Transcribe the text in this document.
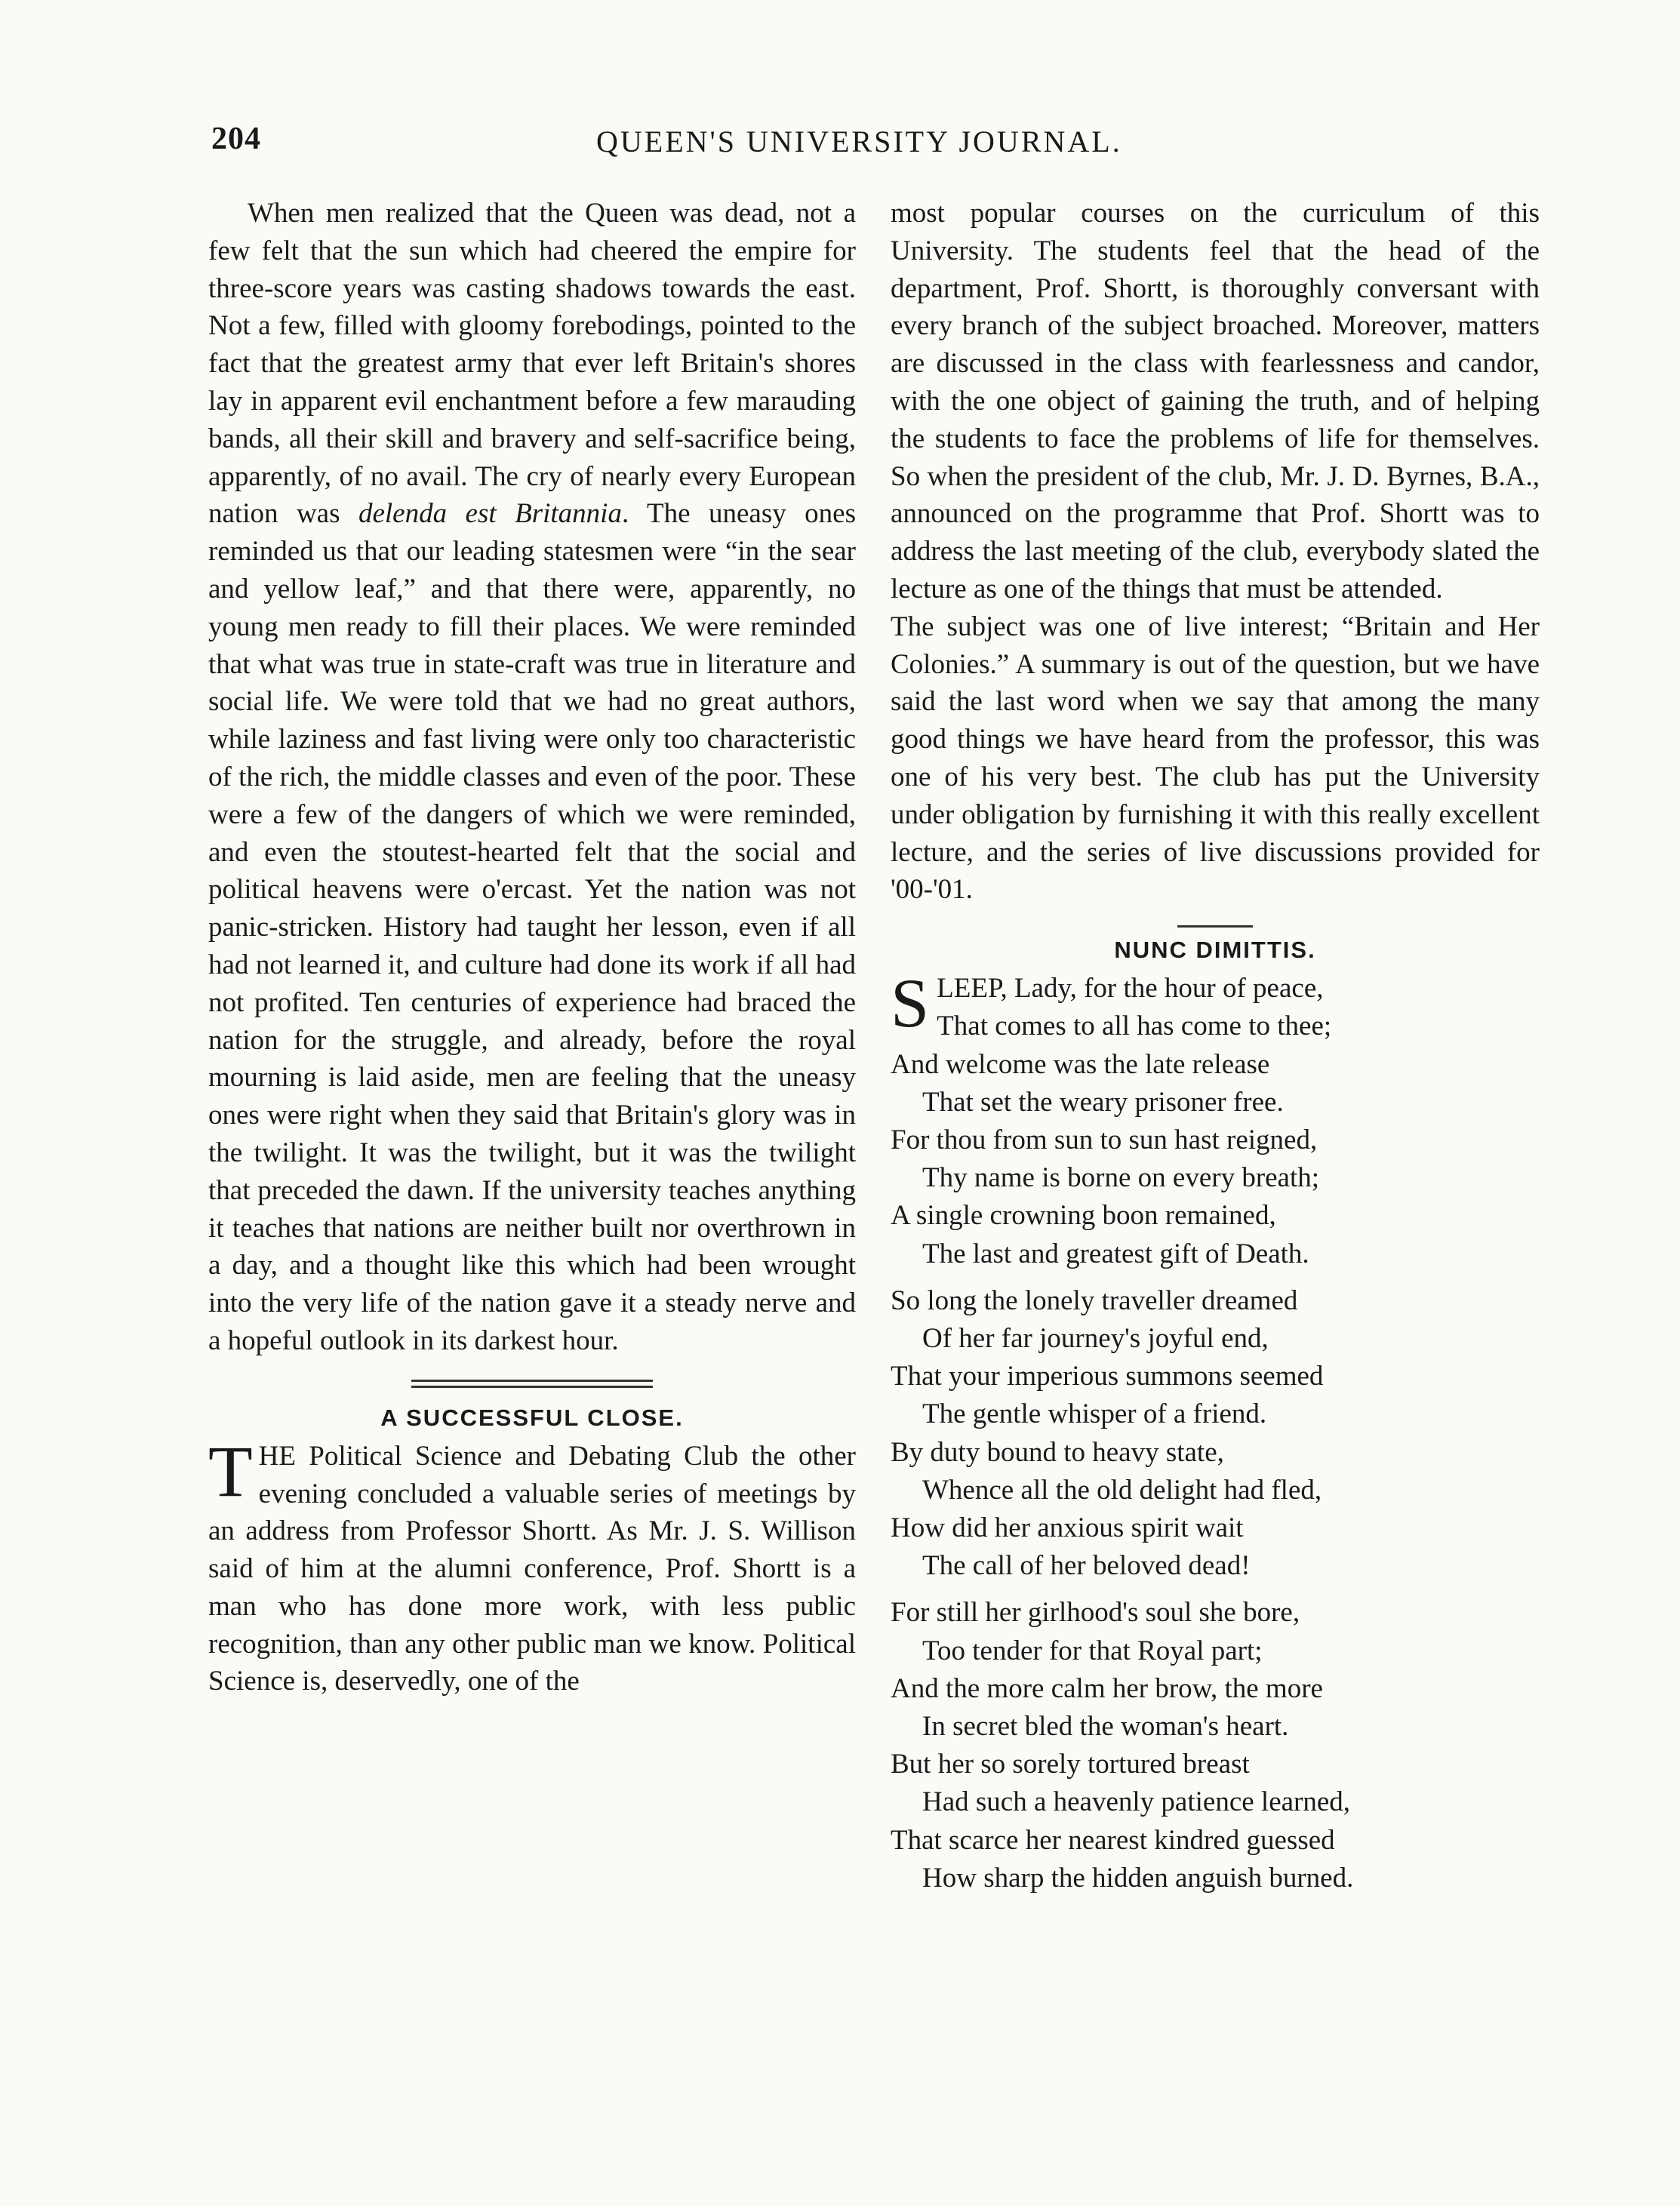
204	QUEEN'S UNIVERSITY JOURNAL.

When men realized that the Queen was dead, not a few felt that the sun which had cheered the empire for three-score years was casting shadows towards the east. Not a few, filled with gloomy forebodings, pointed to the fact that the greatest army that ever left Britain's shores lay in apparent evil enchantment before a few marauding bands, all their skill and bravery and self-sacrifice being, apparently, of no avail. The cry of nearly every European nation was delenda est Britannia. The uneasy ones reminded us that our leading statesmen were “in the sear and yellow leaf,” and that there were, apparently, no young men ready to fill their places. We were reminded that what was true in state-craft was true in literature and social life. We were told that we had no great authors, while laziness and fast living were only too characteristic of the rich, the middle classes and even of the poor. These were a few of the dangers of which we were reminded, and even the stoutest-hearted felt that the social and political heavens were o'ercast. Yet the nation was not panic-stricken. History had taught her lesson, even if all had not learned it, and culture had done its work if all had not profited. Ten centuries of experience had braced the nation for the struggle, and already, before the royal mourning is laid aside, men are feeling that the uneasy ones were right when they said that Britain's glory was in the twilight. It was the twilight, but it was the twilight that preceded the dawn. If the university teaches anything it teaches that nations are neither built nor overthrown in a day, and a thought like this which had been wrought into the very life of the nation gave it a steady nerve and a hopeful outlook in its darkest hour.

A SUCCESSFUL CLOSE.

THE Political Science and Debating Club the other evening concluded a valuable series of meetings by an address from Professor Shortt. As Mr. J. S. Willison said of him at the alumni conference, Prof. Shortt is a man who has done more work, with less public recognition, than any other public man we know. Political Science is, deservedly, one of the

most popular courses on the curriculum of this University. The students feel that the head of the department, Prof. Shortt, is thoroughly conversant with every branch of the subject broached. Moreover, matters are discussed in the class with fearlessness and candor, with the one object of gaining the truth, and of helping the students to face the problems of life for themselves. So when the president of the club, Mr. J. D. Byrnes, B.A., announced on the programme that Prof. Shortt was to address the last meeting of the club, everybody slated the lecture as one of the things that must be attended.

The subject was one of live interest; “Britain and Her Colonies.” A summary is out of the question, but we have said the last word when we say that among the many good things we have heard from the professor, this was one of his very best. The club has put the University under obligation by furnishing it with this really excellent lecture, and the series of live discussions provided for '00-'01.

NUNC DIMITTIS.
S LEEP, Lady, for the hour of peace,
That comes to all has come to thee;
And welcome was the late release
That set the weary prisoner free.
For thou from sun to sun hast reigned,
Thy name is borne on every breath;
A single crowning boon remained,
The last and greatest gift of Death.
So long the lonely traveller dreamed
Of her far journey's joyful end,
That your imperious summons seemed
The gentle whisper of a friend.
By duty bound to heavy state,
Whence all the old delight had fled,
How did her anxious spirit wait
The call of her beloved dead!
For still her girlhood's soul she bore,
Too tender for that Royal part;
And the more calm her brow, the more
In secret bled the woman's heart.
But her so sorely tortured breast
Had such a heavenly patience learned,
That scarce her nearest kindred guessed
How sharp the hidden anguish burned.
